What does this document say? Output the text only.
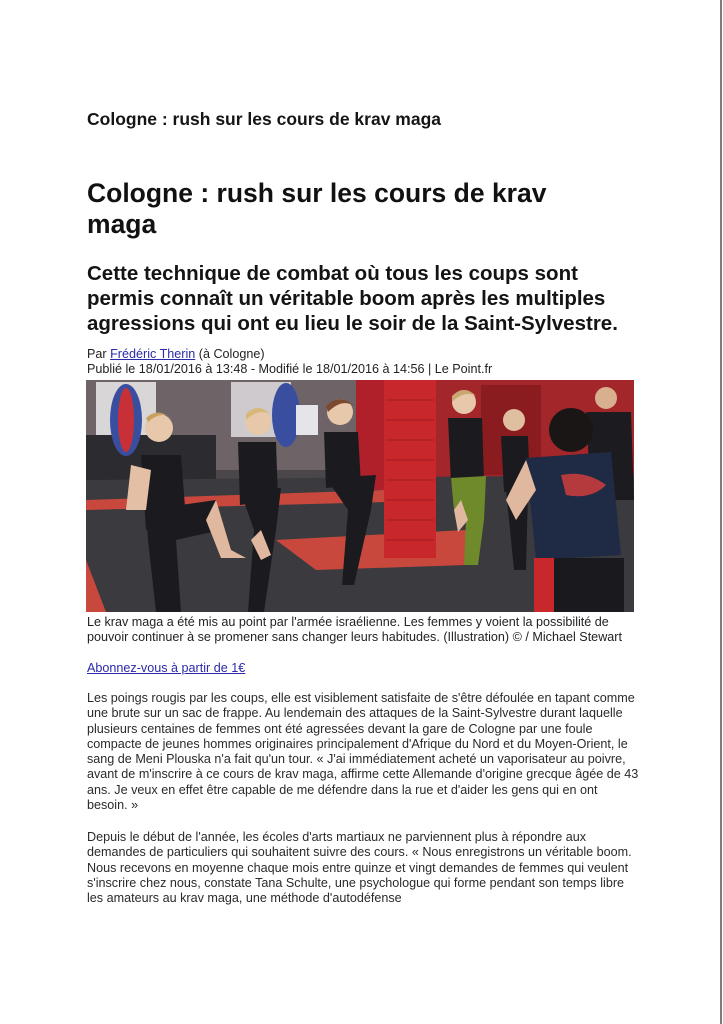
Cologne : rush sur les cours de krav maga
Cologne : rush sur les cours de krav maga
Cette technique de combat où tous les coups sont permis connaît un véritable boom après les multiples agressions qui ont eu lieu le soir de la Saint-Sylvestre.
Par Frédéric Therin (à Cologne)
Publié le 18/01/2016 à 13:48 - Modifié le 18/01/2016 à 14:56 | Le Point.fr
Le krav maga a été mis au point par l'armée israélienne. Les femmes y voient la possibilité de pouvoir continuer à se promener sans changer leurs habitudes. (Illustration) © / Michael Stewart
Abonnez-vous à partir de 1€

Les poings rougis par les coups, elle est visiblement satisfaite de s'être défoulée en tapant comme une brute sur un sac de frappe. Au lendemain des attaques de la Saint-Sylvestre durant laquelle plusieurs centaines de femmes ont été agressées devant la gare de Cologne par une foule compacte de jeunes hommes originaires principalement d'Afrique du Nord et du Moyen-Orient, le sang de Meni Plouska n'a fait qu'un tour. « J'ai immédiatement acheté un vaporisateur au poivre, avant de m'inscrire à ce cours de krav maga, affirme cette Allemande d'origine grecque âgée de 43 ans. Je veux en effet être capable de me défendre dans la rue et d'aider les gens qui en ont besoin. »

Depuis le début de l'année, les écoles d'arts martiaux ne parviennent plus à répondre aux demandes de particuliers qui souhaitent suivre des cours. « Nous enregistrons un véritable boom. Nous recevons en moyenne chaque mois entre quinze et vingt demandes de femmes qui veulent s'inscrire chez nous, constate Tana Schulte, une psychologue qui forme pendant son temps libre les amateurs au krav maga, une méthode d'autodéfense
